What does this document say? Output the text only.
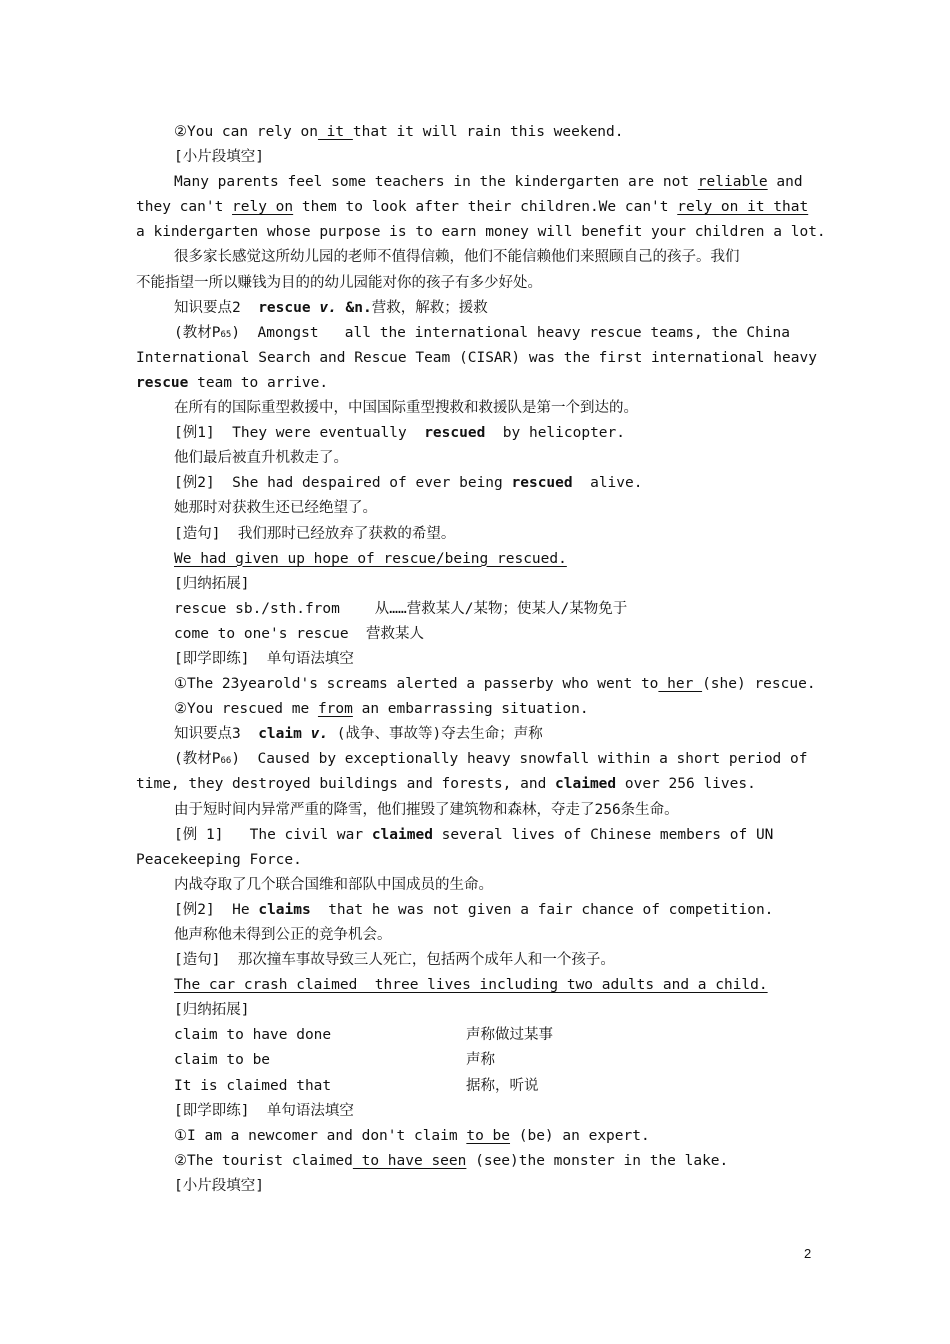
②You can rely on it that it will rain this weekend.
[小片段填空]
Many parents feel some teachers in the kindergarten are not reliable and
they can't rely on them to look after their children.We can't rely on it that
a kindergarten whose purpose is to earn money will benefit your children a lot.
很多家长感觉这所幼儿园的老师不值得信赖，他们不能信赖他们来照顾自己的孩子。我们
不能指望一所以赚钱为目的的幼儿园能对你的孩子有多少好处。
知识要点2  rescue v. &n.营救，解救；援救
(教材P65)  Amongst   all the international heavy rescue teams, the China
International Search and Rescue Team (CISAR) was the first international heavy
rescue team to arrive.
在所有的国际重型救援中，中国国际重型搜救和救援队是第一个到达的。
[例1]  They were eventually  rescued  by helicopter.
他们最后被直升机救走了。
[例2]  She had despaired of ever being rescued  alive.
她那时对获救生还已经绝望了。
[造句]  我们那时已经放弃了获救的希望。
We had given up hope of rescue/being rescued.
[归纳拓展]
rescue sb./sth.from    从……营救某人/某物；使某人/某物免于
come to one's rescue  营救某人
[即学即练]  单句语法填空
①The 23yearold's screams alerted a passerby who went to her (she) rescue.
②You rescued me from an embarrassing situation.
知识要点3  claim v. (战争、事故等)夺去生命；声称
(教材P66)  Caused by exceptionally heavy snowfall within a short period of
time, they destroyed buildings and forests, and claimed over 256 lives.
由于短时间内异常严重的降雪，他们摧毁了建筑物和森林，夺走了256条生命。
[例 1]   The civil war claimed several lives of Chinese members of UN
Peacekeeping Force.
内战夺取了几个联合国维和部队中国成员的生命。
[例2]  He claims  that he was not given a fair chance of competition.
他声称他未得到公正的竞争机会。
[造句]  那次撞车事故导致三人死亡，包括两个成年人和一个孩子。
The car crash claimed  three lives including two adults and a child.
[归纳拓展]
claim to have done	声称做过某事
claim to be	声称
It is claimed that	据称，听说
[即学即练]  单句语法填空
①I am a newcomer and don't claim to be (be) an expert.
②The tourist claimed to have seen (see)the monster in the lake.
[小片段填空]
2
